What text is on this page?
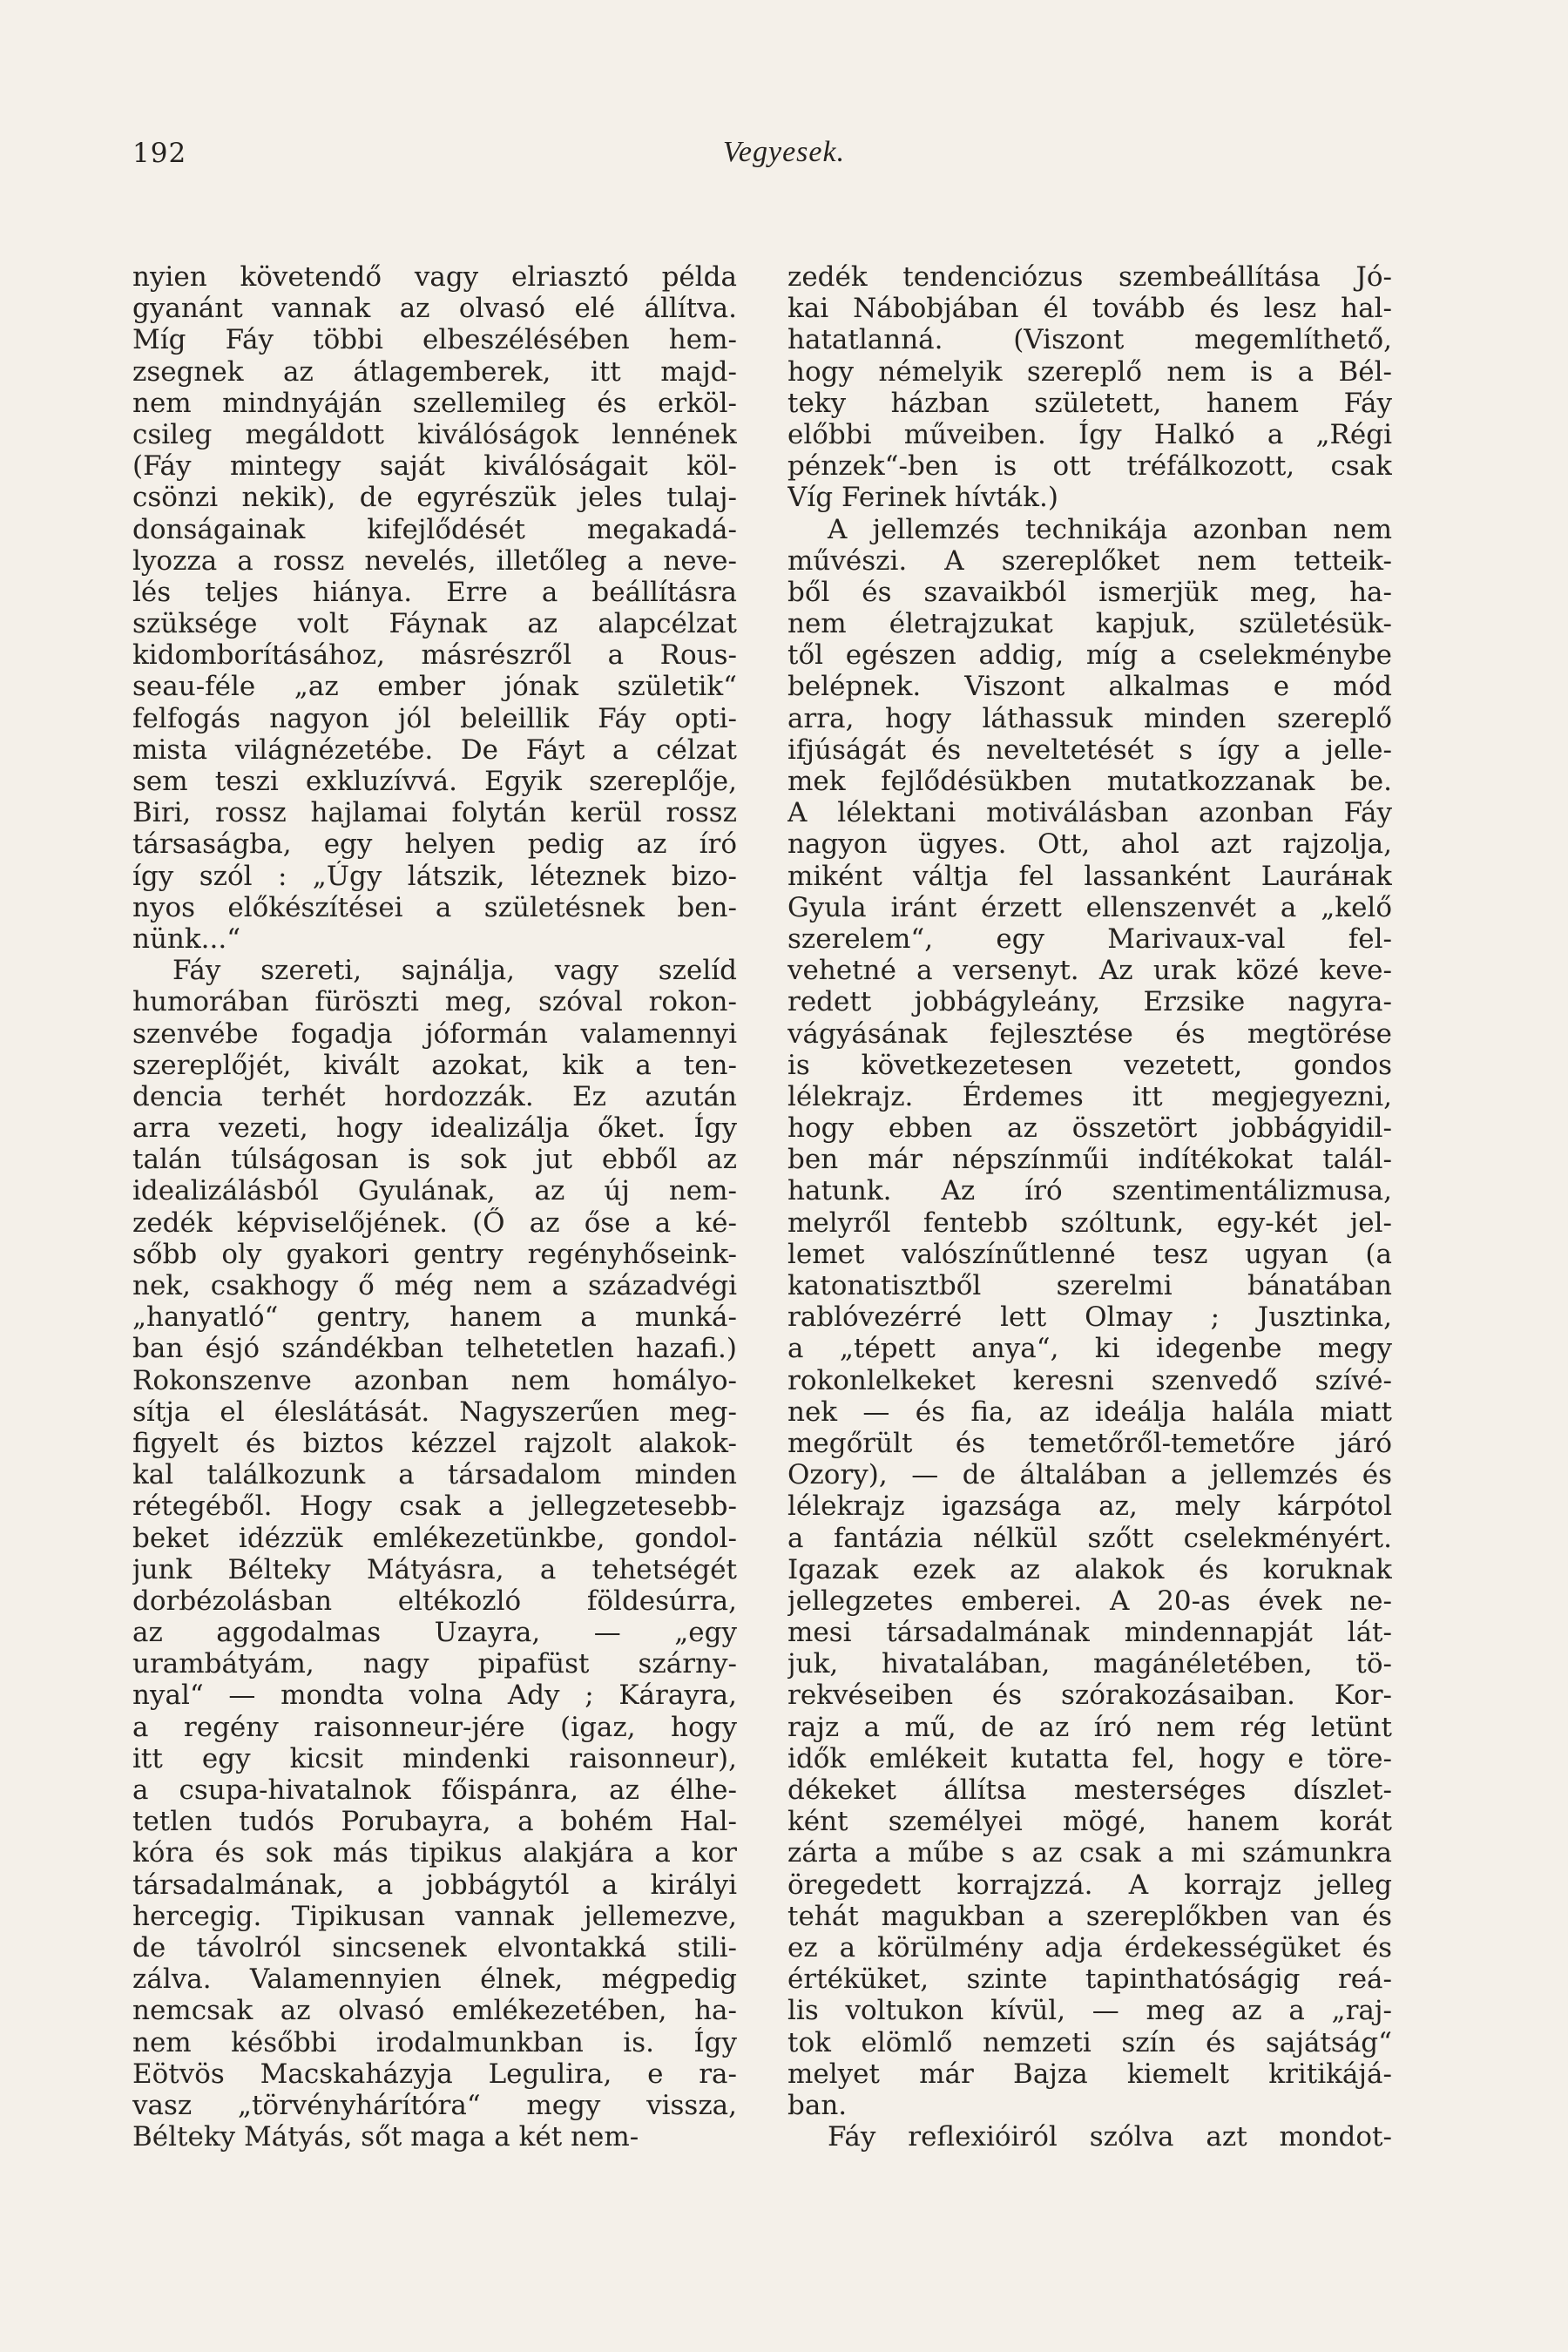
192	Vegyesek.
nyien követendő vagy elriasztó példa
gyanánt vannak az olvasó elé állítva.
Míg Fáy többi elbeszélésében hem-
zsegnek az átlagemberek, itt majd-
nem mindnyáján szellemileg és erköl-
csileg megáldott kiválóságok lennének
(Fáy mintegy saját kiválóságait köl-
csönzi nekik), de egyrészük jeles tulaj-
donságainak kifejlődését megakadá-
lyozza a rossz nevelés, illetőleg a neve-
lés teljes hiánya. Erre a beállításra
szüksége volt Fáynak az alapcélzat
kidomborításához, másrészről a Rous-
seau-féle „az ember jónak születik“
felfogás nagyon jól beleillik Fáy opti-
mista világnézetébe. De Fáyt a célzat
sem teszi exkluzívvá. Egyik szereplője,
Biri, rossz hajlamai folytán kerül rossz
társaságba, egy helyen pedig az író
így szól : „Úgy látszik, léteznek bizo-
nyos előkészítései a születésnek ben-
nünk...“
Fáy szereti, sajnálja, vagy szelíd
humorában füröszti meg, szóval rokon-
szenvébe fogadja jóformán valamennyi
szereplőjét, kivált azokat, kik a ten-
dencia terhét hordozzák. Ez azután
arra vezeti, hogy idealizálja őket. Így
talán túlságosan is sok jut ebből az
idealizálásból Gyulának, az új nem-
zedék képviselőjének. (Ő az őse a ké-
sőbb oly gyakori gentry regényhőseink-
nek, csakhogy ő még nem a századvégi
„hanyatló“ gentry, hanem a munká-
ban ésjó szándékban telhetetlen hazafi.)
Rokonszenve azonban nem homályo-
sítja el éleslátását. Nagyszerűen meg-
figyelt és biztos kézzel rajzolt alakok-
kal találkozunk a társadalom minden
rétegéből. Hogy csak a jellegzetesebb-
beket idézzük emlékezetünkbe, gondol-
junk Bélteky Mátyásra, a tehetségét
dorbézolásban eltékozló földesúrra,
az aggodalmas Uzayra, — „egy
urambátyám, nagy pipafüst szárny-
nyal“ — mondta volna Ady ; Kárayra,
a regény raisonneur-jére (igaz, hogy
itt egy kicsit mindenki raisonneur),
a csupa-hivatalnok főispánra, az élhe-
tetlen tudós Porubayra, a bohém Hal-
kóra és sok más tipikus alakjára a kor
társadalmának, a jobbágytól a királyi
hercegig. Tipikusan vannak jellemezve,
de távolról sincsenek elvontakká stili-
zálva. Valamennyien élnek, mégpedig
nemcsak az olvasó emlékezetében, ha-
nem későbbi irodalmunkban is. Így
Eötvös Macskaházyja Legulira, e ra-
vasz „törvényhárítóra“ megy vissza,
Bélteky Mátyás, sőt maga a két nem-
zedék tendenciózus szembeállítása Jó-
kai Nábobjában él tovább és lesz hal-
hatatlanná. (Viszont megemlíthető,
hogy némelyik szereplő nem is a Bél-
teky házban született, hanem Fáy
előbbi műveiben. Így Halkó a „Régi
pénzek“-ben is ott tréfálkozott, csak
Víg Ferinek hívták.)
A jellemzés technikája azonban nem
művészi. A szereplőket nem tetteik-
ből és szavaikból ismerjük meg, ha-
nem életrajzukat kapjuk, születésük-
től egészen addig, míg a cselekménybe
belépnek. Viszont alkalmas e mód
arra, hogy láthassuk minden szereplő
ifjúságát és neveltetését s így a jelle-
mek fejlődésükben mutatkozzanak be.
A lélektani motiválásban azonban Fáy
nagyon ügyes. Ott, ahol azt rajzolja,
miként váltja fel lassanként Lauráнak
Gyula iránt érzett ellenszenvét a „kelő
szerelem“, egy Marivaux-val fel-
vehetné a versenyt. Az urak közé keve-
redett jobbágyleány, Erzsike nagyra-
vágyásának fejlesztése és megtörése
is következetesen vezetett, gondos
lélekrajz. Érdemes itt megjegyezni,
hogy ebben az összetört jobbágyidil-
ben már népszínműi indítékokat talál-
hatunk. Az író szentimentálizmusa,
melyről fentebb szóltunk, egy-két jel-
lemet valószínűtlenné tesz ugyan (a
katonatisztből szerelmi bánatában
rablóvezérré lett Olmay ; Jusztinka,
a „tépett anya“, ki idegenbe megy
rokonlelkeket keresni szenvedő szívé-
nek — és fia, az ideálja halála miatt
megőrült és temetőről-temetőre járó
Ozory), — de általában a jellemzés és
lélekrajz igazsága az, mely kárpótol
a fantázia nélkül szőtt cselekményért.
Igazak ezek az alakok és koruknak
jellegzetes emberei. A 20-as évek ne-
mesi társadalmának mindennapját lát-
juk, hivatalában, magánéletében, tö-
rekvéseiben és szórakozásaiban. Kor-
rajz a mű, de az író nem rég letünt
idők emlékeit kutatta fel, hogy e töre-
dékeket állítsa mesterséges díszlet-
ként személyei mögé, hanem korát
zárta a műbe s az csak a mi számunkra
öregedett korrajzzá. A korrajz jelleg
tehát magukban a szereplőkben van és
ez a körülmény adja érdekességüket és
értéküket, szinte tapinthatóságig reá-
lis voltukon kívül, — meg az a „raj-
tok elömlő nemzeti szín és sajátság“
melyet már Bajza kiemelt kritikájá-
ban.
Fáy reflexióiról szólva azt mondot-
